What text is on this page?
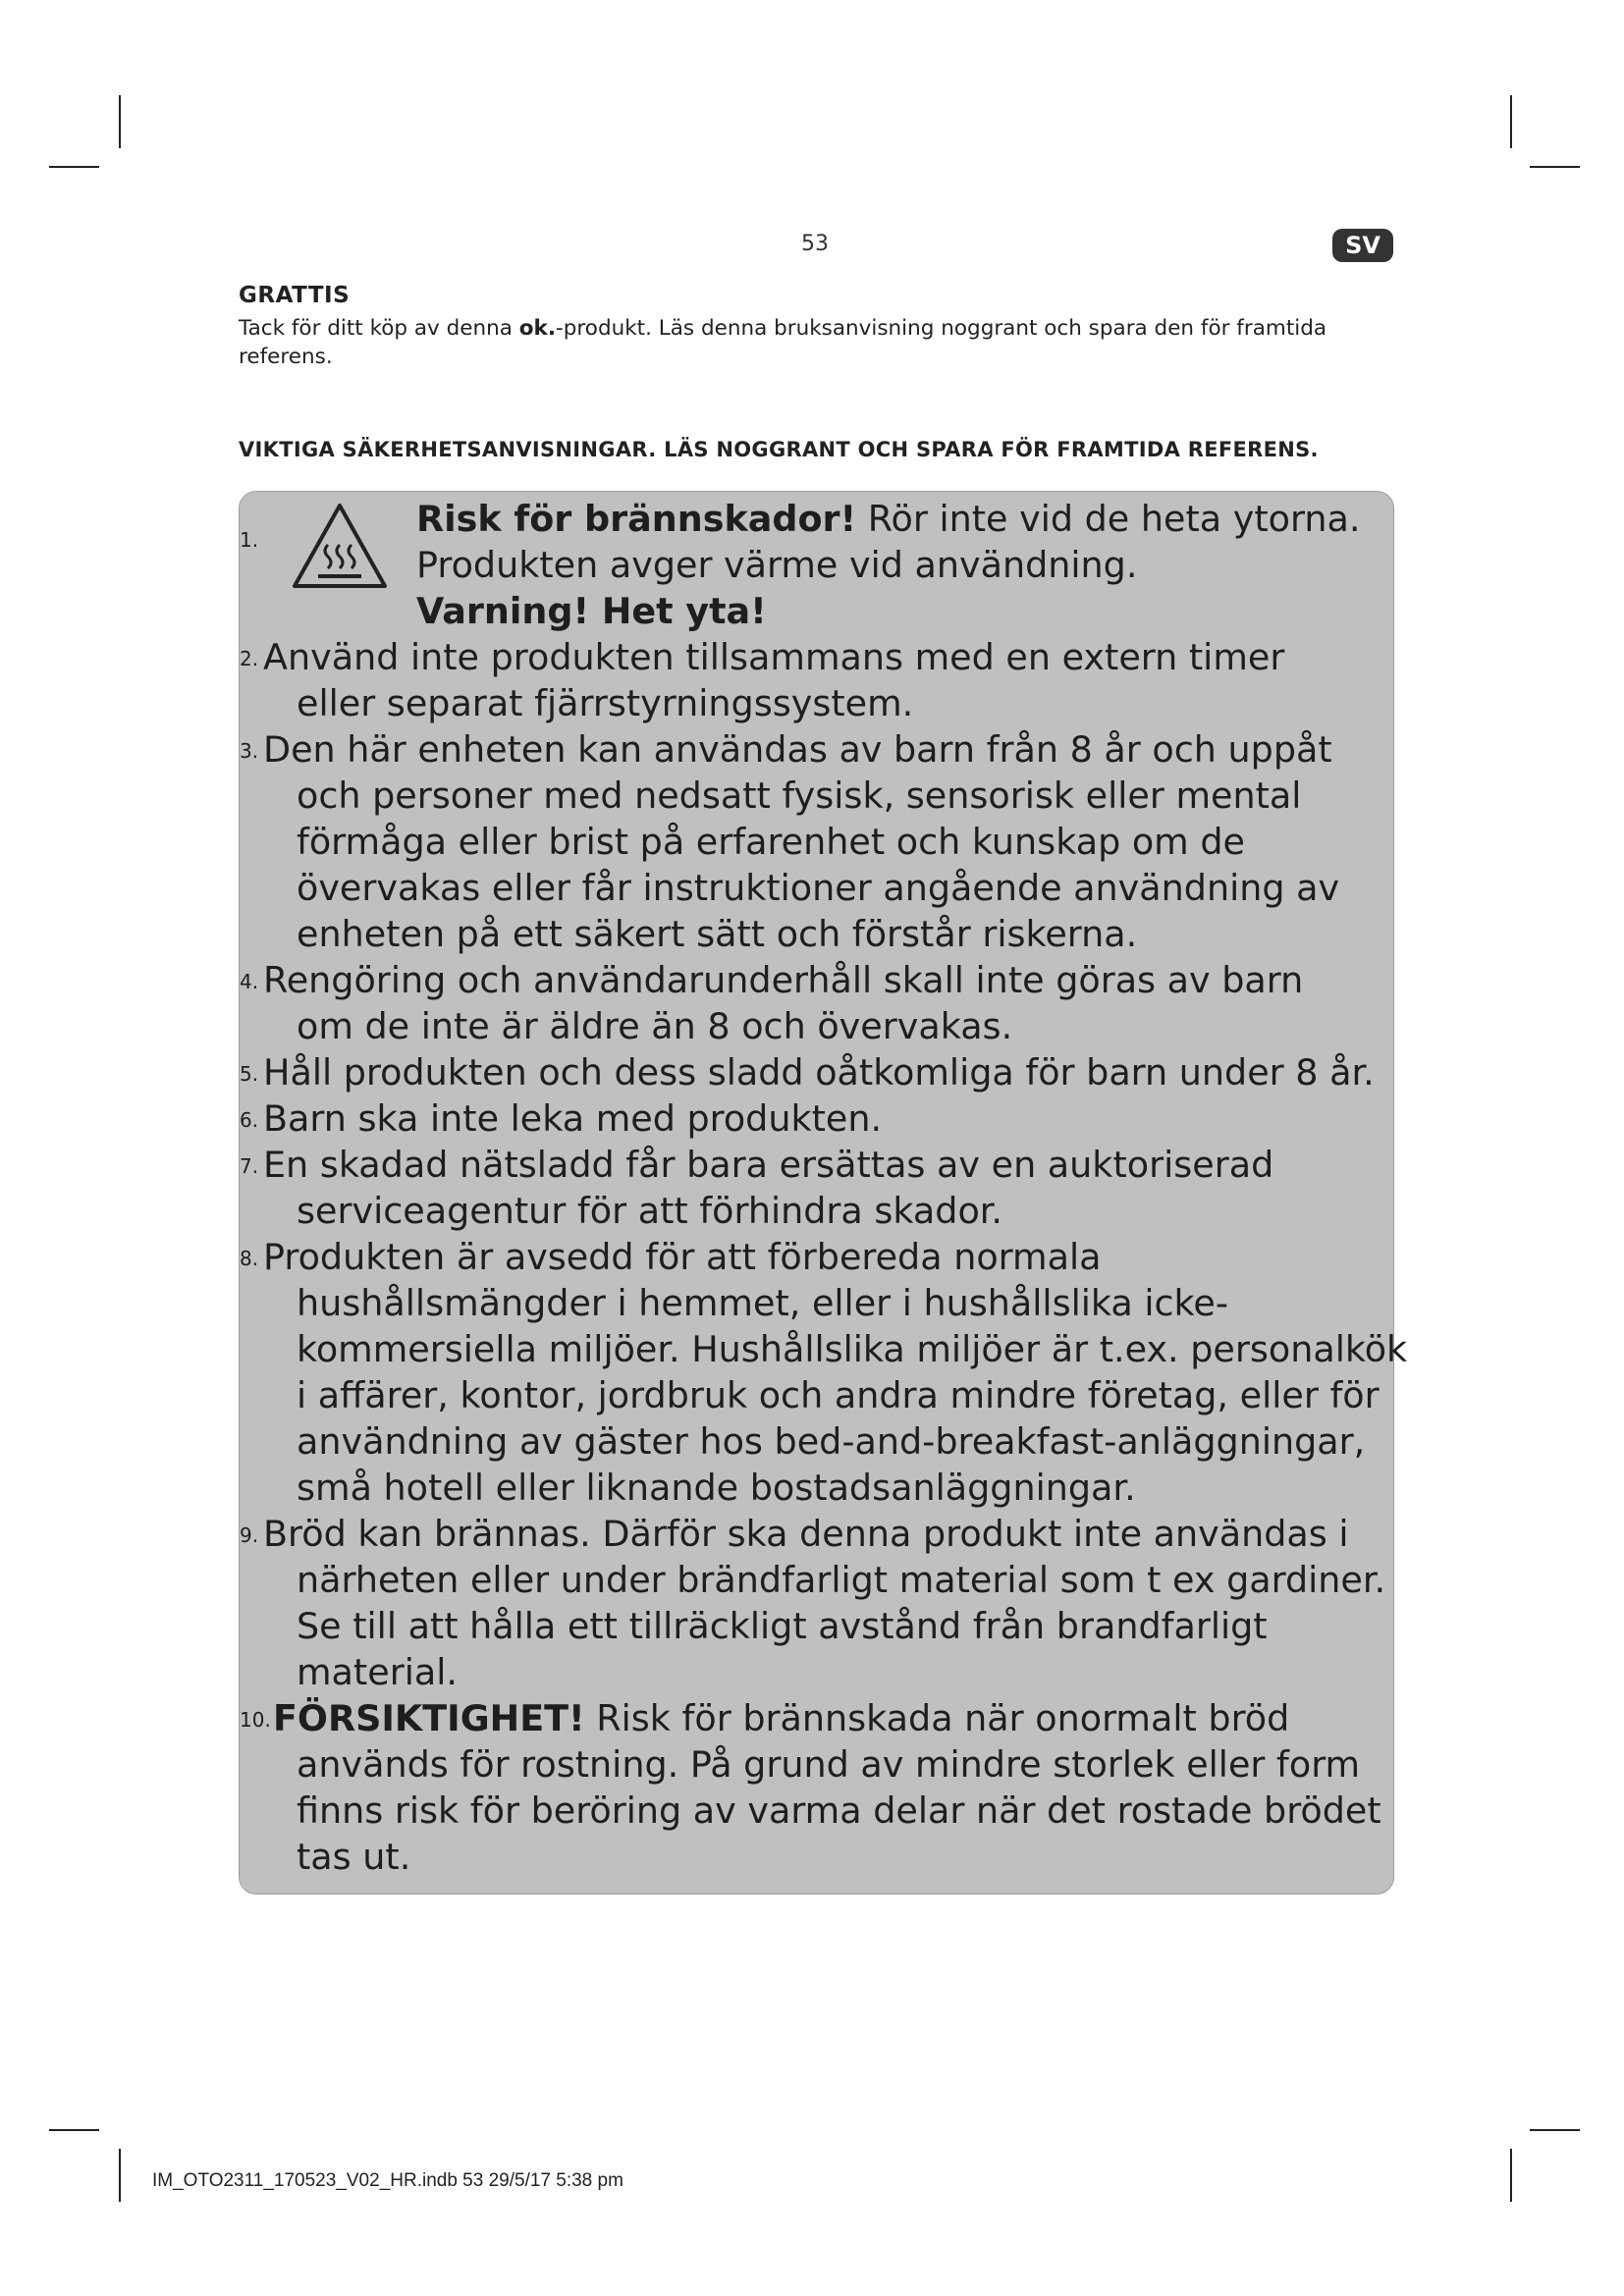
53	SV

GRATTIS

Tack för ditt köp av denna ok.-produkt. Läs denna bruksanvisning noggrant och spara den för framtida
referens.

VIKTIGA SÄKERHETSANVISNINGAR. LÄS NOGGRANT OCH SPARA FÖR FRAMTIDA REFERENS.

1.	Risk för brännskador! Rör inte vid de heta ytorna.
Produkten avger värme vid användning.
Varning! Het yta!
2. Använd inte produkten tillsammans med en extern timer
eller separat fjärrstyrningssystem.
3. Den här enheten kan användas av barn från 8 år och uppåt
och personer med nedsatt fysisk, sensorisk eller mental
förmåga eller brist på erfarenhet och kunskap om de
övervakas eller får instruktioner angående användning av
enheten på ett säkert sätt och förstår riskerna.
4. Rengöring och användarunderhåll skall inte göras av barn
om de inte är äldre än 8 och övervakas.
5. Håll produkten och dess sladd oåtkomliga för barn under 8 år.
6. Barn ska inte leka med produkten.
7. En skadad nätsladd får bara ersättas av en auktoriserad
serviceagentur för att förhindra skador.
8. Produkten är avsedd för att förbereda normala
hushållsmängder i hemmet, eller i hushållslika icke-
kommersiella miljöer. Hushållslika miljöer är t.ex. personalkök
i affärer, kontor, jordbruk och andra mindre företag, eller för
användning av gäster hos bed-and-breakfast-anläggningar,
små hotell eller liknande bostadsanläggningar.
9. Bröd kan brännas. Därför ska denna produkt inte användas i
närheten eller under brändfarligt material som t ex gardiner.
Se till att hålla ett tillräckligt avstånd från brandfarligt
material.
10. FÖRSIKTIGHET! Risk för brännskada när onormalt bröd
används för rostning. På grund av mindre storlek eller form
finns risk för beröring av varma delar när det rostade brödet
tas ut.
IM_OTO2311_170523_V02_HR.indb 53 29/5/17 5:38 pm
